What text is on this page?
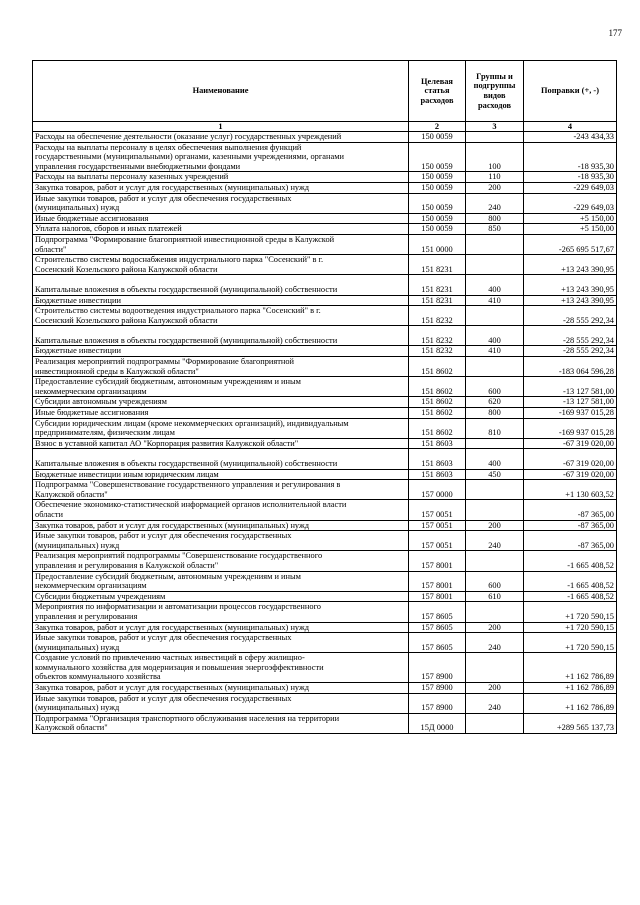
177
Наименование	Целевая статья расходов	Группы и подгруппы видов расходов	Поправки (+, -)
1	2	3	4
Расходы на обеспечение деятельности (оказание услуг) государственных учреждений	150 0059		-243 434,33
Расходы на выплаты персоналу в целях обеспечения выполнения функций
государственными (муниципальными) органами, казенными учреждениями, органами
управления государственными внебюджетными фондами	150 0059	100	-18 935,30
Расходы на выплаты персоналу казенных учреждений	150 0059	110	-18 935,30
Закупка товаров, работ и услуг для государственных (муниципальных) нужд	150 0059	200	-229 649,03
Иные закупки товаров, работ и услуг для обеспечения государственных
(муниципальных) нужд	150 0059	240	-229 649,03
Иные бюджетные ассигнования	150 0059	800	+5 150,00
Уплата налогов, сборов и иных платежей	150 0059	850	+5 150,00
Подпрограмма "Формирование благоприятной инвестиционной среды в Калужской
области"	151 0000		-265 695 517,67
Строительство системы водоснабжения индустриального парка "Сосенский" в г.
Сосенский Козельского района Калужской области	151 8231		+13 243 390,95

Капитальные вложения в объекты государственной (муниципальной) собственности	151 8231	400	+13 243 390,95
Бюджетные инвестиции	151 8231	410	+13 243 390,95
Строительство системы водоотведения индустриального парка "Сосенский" в г.
Сосенский Козельского района Калужской области	151 8232		-28 555 292,34

Капитальные вложения в объекты государственной (муниципальной) собственности	151 8232	400	-28 555 292,34
Бюджетные инвестиции	151 8232	410	-28 555 292,34
Реализация мероприятий подпрограммы "Формирование благоприятной
инвестиционной среды в Калужской области"	151 8602		-183 064 596,28
Предоставление субсидий бюджетным, автономным учреждениям и иным
некоммерческим организациям	151 8602	600	-13 127 581,00
Субсидии автономным учреждениям	151 8602	620	-13 127 581,00
Иные бюджетные ассигнования	151 8602	800	-169 937 015,28
Субсидии юридическим лицам (кроме некоммерческих организаций), индивидуальным
предпринимателям, физическим лицам	151 8602	810	-169 937 015,28
Взнос в уставной капитал АО "Корпорация развития Калужской области"	151 8603		-67 319 020,00

Капитальные вложения в объекты государственной (муниципальной) собственности	151 8603	400	-67 319 020,00
Бюджетные инвестиции иным юридическим лицам	151 8603	450	-67 319 020,00
Подпрограмма "Совершенствование государственного управления и регулирования в
Калужской области"	157 0000		+1 130 603,52
Обеспечение экономико-статистической информацией органов исполнительной власти
области	157 0051		-87 365,00
Закупка товаров, работ и услуг для государственных (муниципальных) нужд	157 0051	200	-87 365,00
Иные закупки товаров, работ и услуг для обеспечения государственных
(муниципальных) нужд	157 0051	240	-87 365,00
Реализация мероприятий подпрограммы "Совершенствование государственного
управления и регулирования в Калужской области"	157 8001		-1 665 408,52
Предоставление субсидий бюджетным, автономным учреждениям и иным
некоммерческим организациям	157 8001	600	-1 665 408,52
Субсидии бюджетным учреждениям	157 8001	610	-1 665 408,52
Мероприятия по информатизации и автоматизации процессов государственного
управления и регулирования	157 8605		+1 720 590,15
Закупка товаров, работ и услуг для государственных (муниципальных) нужд	157 8605	200	+1 720 590,15
Иные закупки товаров, работ и услуг для обеспечения государственных
(муниципальных) нужд	157 8605	240	+1 720 590,15
Создание условий по привлечению частных инвестиций в сферу жилищно-
коммунального хозяйства для модернизация и повышения энергоэффективности
объектов коммунального хозяйства	157 8900		+1 162 786,89
Закупка товаров, работ и услуг для государственных (муниципальных) нужд	157 8900	200	+1 162 786,89
Иные закупки товаров, работ и услуг для обеспечения государственных
(муниципальных) нужд	157 8900	240	+1 162 786,89
Подпрограмма "Организация транспортного обслуживания населения на территории
Калужской области"	15Д 0000		+289 565 137,73
